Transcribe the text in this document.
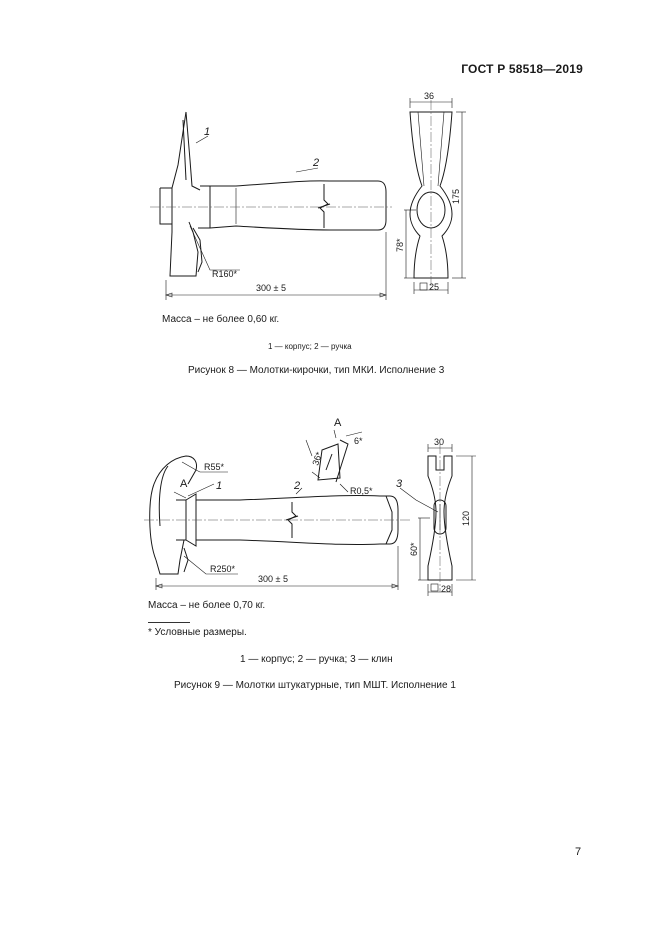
ГОСТ Р 58518—2019
1
2
R160*
300 ± 5
36
175
78*
25
Масса – не более 0,60 кг.
1 — корпус; 2 — ручка
Рисунок 8 — Молотки-кирочки, тип МКИ. Исполнение 3
A
A
1	2	3
R55*
R250*
300 ± 5
36*
6*
R0,5*
30
120
60*
28
Масса – не более 0,70 кг.
* Условные размеры.
1 — корпус; 2 — ручка; 3 — клин
Рисунок 9 — Молотки штукатурные, тип МШТ. Исполнение 1
7
